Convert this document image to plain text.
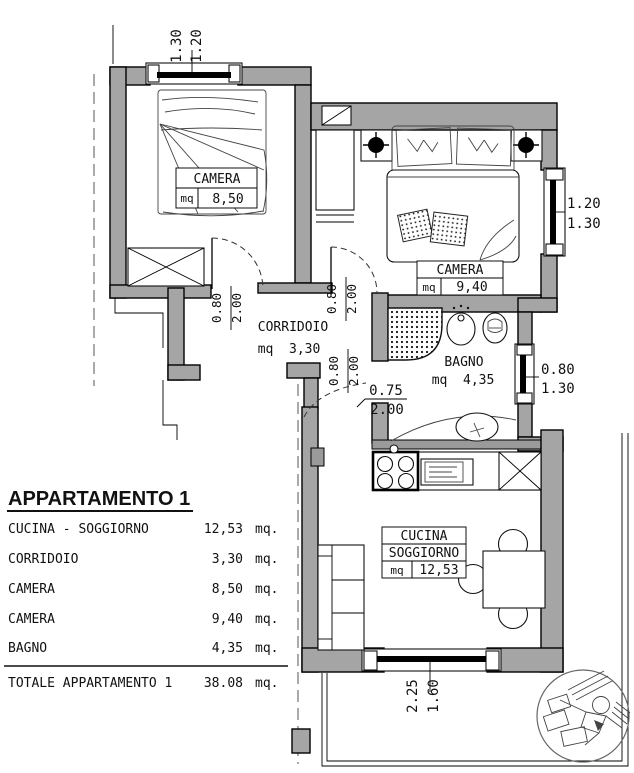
CAMERA
mq 8,50
CAMERA
mq 9,40
CORRIDOIO
mq  3,30
BAGNO
mq  4,35
CUCINA
SOGGIORNO
mq 12,53
1.30 1.20
1.20
1.30
0.80
1.30
0.80 2.00	0.80 2.00
0.80 2.00
0.75
2.00
2.25 1.60
APPARTAMENTO 1
CUCINA - SOGGIORNO	12,53 mq.
CORRIDOIO	3,30 mq.
CAMERA	8,50 mq.
CAMERA	9,40 mq.
BAGNO	4,35 mq.
TOTALE APPARTAMENTO 1 38.08 mq.
